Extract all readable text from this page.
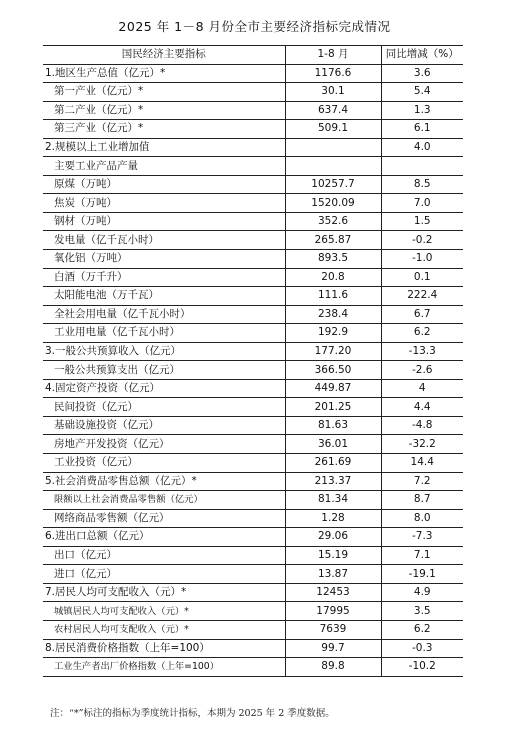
2025 年 1－8 月份全市主要经济指标完成情况
国民经济主要指标	1-8 月	同比增减（%）
1.地区生产总值（亿元）*	1176.6	3.6
第一产业（亿元）*	30.1	5.4
第二产业（亿元）*	637.4	1.3
第三产业（亿元）*	509.1	6.1
2.规模以上工业增加值		4.0
主要工业产品产量		
原煤（万吨）	10257.7	8.5
焦炭（万吨）	1520.09	7.0
钢材（万吨）	352.6	1.5
发电量（亿千瓦小时）	265.87	-0.2
氧化铝（万吨）	893.5	-1.0
白酒（万千升）	20.8	0.1
太阳能电池（万千瓦）	111.6	222.4
全社会用电量（亿千瓦小时）	238.4	6.7
工业用电量（亿千瓦小时）	192.9	6.2
3.一般公共预算收入（亿元）	177.20	-13.3
一般公共预算支出（亿元）	366.50	-2.6
4.固定资产投资（亿元）	449.87	4
民间投资（亿元）	201.25	4.4
基础设施投资（亿元）	81.63	-4.8
房地产开发投资（亿元）	36.01	-32.2
工业投资（亿元）	261.69	14.4
5.社会消费品零售总额（亿元）*	213.37	7.2
限额以上社会消费品零售额（亿元）	81.34	8.7
网络商品零售额（亿元）	1.28	8.0
6.进出口总额（亿元）	29.06	-7.3
出口（亿元）	15.19	7.1
进口（亿元）	13.87	-19.1
7.居民人均可支配收入（元）*	12453	4.9
城镇居民人均可支配收入（元）*	17995	3.5
农村居民人均可支配收入（元）*	7639	6.2
8.居民消费价格指数（上年=100）	99.7	-0.3
工业生产者出厂价格指数（上年=100）	89.8	-10.2
注：“*”标注的指标为季度统计指标，本期为 2025 年 2 季度数据。
